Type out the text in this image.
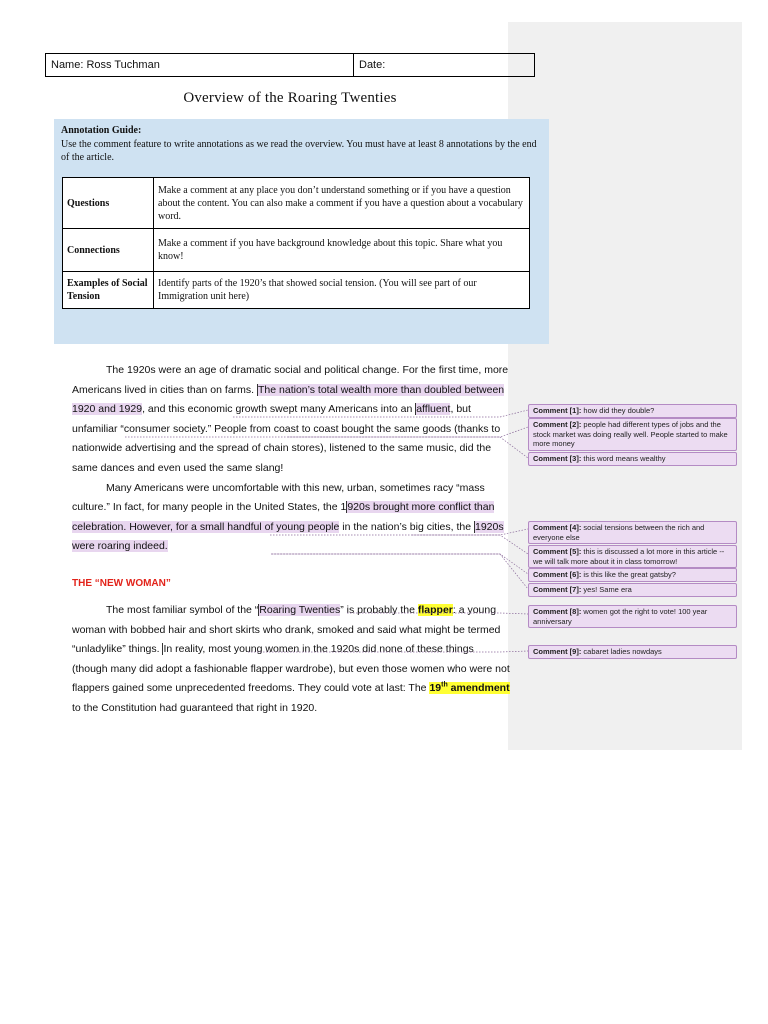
Name: Ross Tuchman	Date:
Overview of the Roaring Twenties
Annotation Guide:
Use the comment feature to write annotations as we read the overview. You must have at least 8 annotations by the end of the article.
Questions	Make a comment at any place you don’t understand something or if you have a question about the content. You can also make a comment if you have a question about a vocabulary word.
Connections	Make a comment if you have background knowledge about this topic. Share what you know!
Examples of Social Tension	Identify parts of the 1920’s that showed social tension. (You will see part of our Immigration unit here)

The 1920s were an age of dramatic social and political change. For the first time, more Americans lived in cities than on farms. The nation’s total wealth more than doubled between 1920 and 1929, and this economic growth swept many Americans into an affluent, but unfamiliar “consumer society.” People from coast to coast bought the same goods (thanks to nationwide advertising and the spread of chain stores), listened to the same music, did the same dances and even used the same slang!

Many Americans were uncomfortable with this new, urban, sometimes racy “mass culture.” In fact, for many people in the United States, the 1920s brought more conflict than celebration. However, for a small handful of young people in the nation’s big cities, the 1920s were roaring indeed.

THE “NEW WOMAN”

The most familiar symbol of the “Roaring Twenties” is probably the flapper: a young woman with bobbed hair and short skirts who drank, smoked and said what might be termed “unladylike” things. In reality, most young women in the 1920s did none of these things (though many did adopt a fashionable flapper wardrobe), but even those women who were not flappers gained some unprecedented freedoms. They could vote at last: The 19th amendment to the Constitution had guaranteed that right in 1920.

Comment [1]: how did they double?
Comment [2]: people had different types of jobs and the stock market was doing really well. People started to make more money
Comment [3]: this word means wealthy
Comment [4]: social tensions between the rich and everyone else
Comment [5]: this is discussed a lot more in this article -- we will talk more about it in class tomorrow!
Comment [6]: is this like the great gatsby?
Comment [7]: yes! Same era
Comment [8]: women got the right to vote! 100 year anniversary
Comment [9]: cabaret ladies nowdays
